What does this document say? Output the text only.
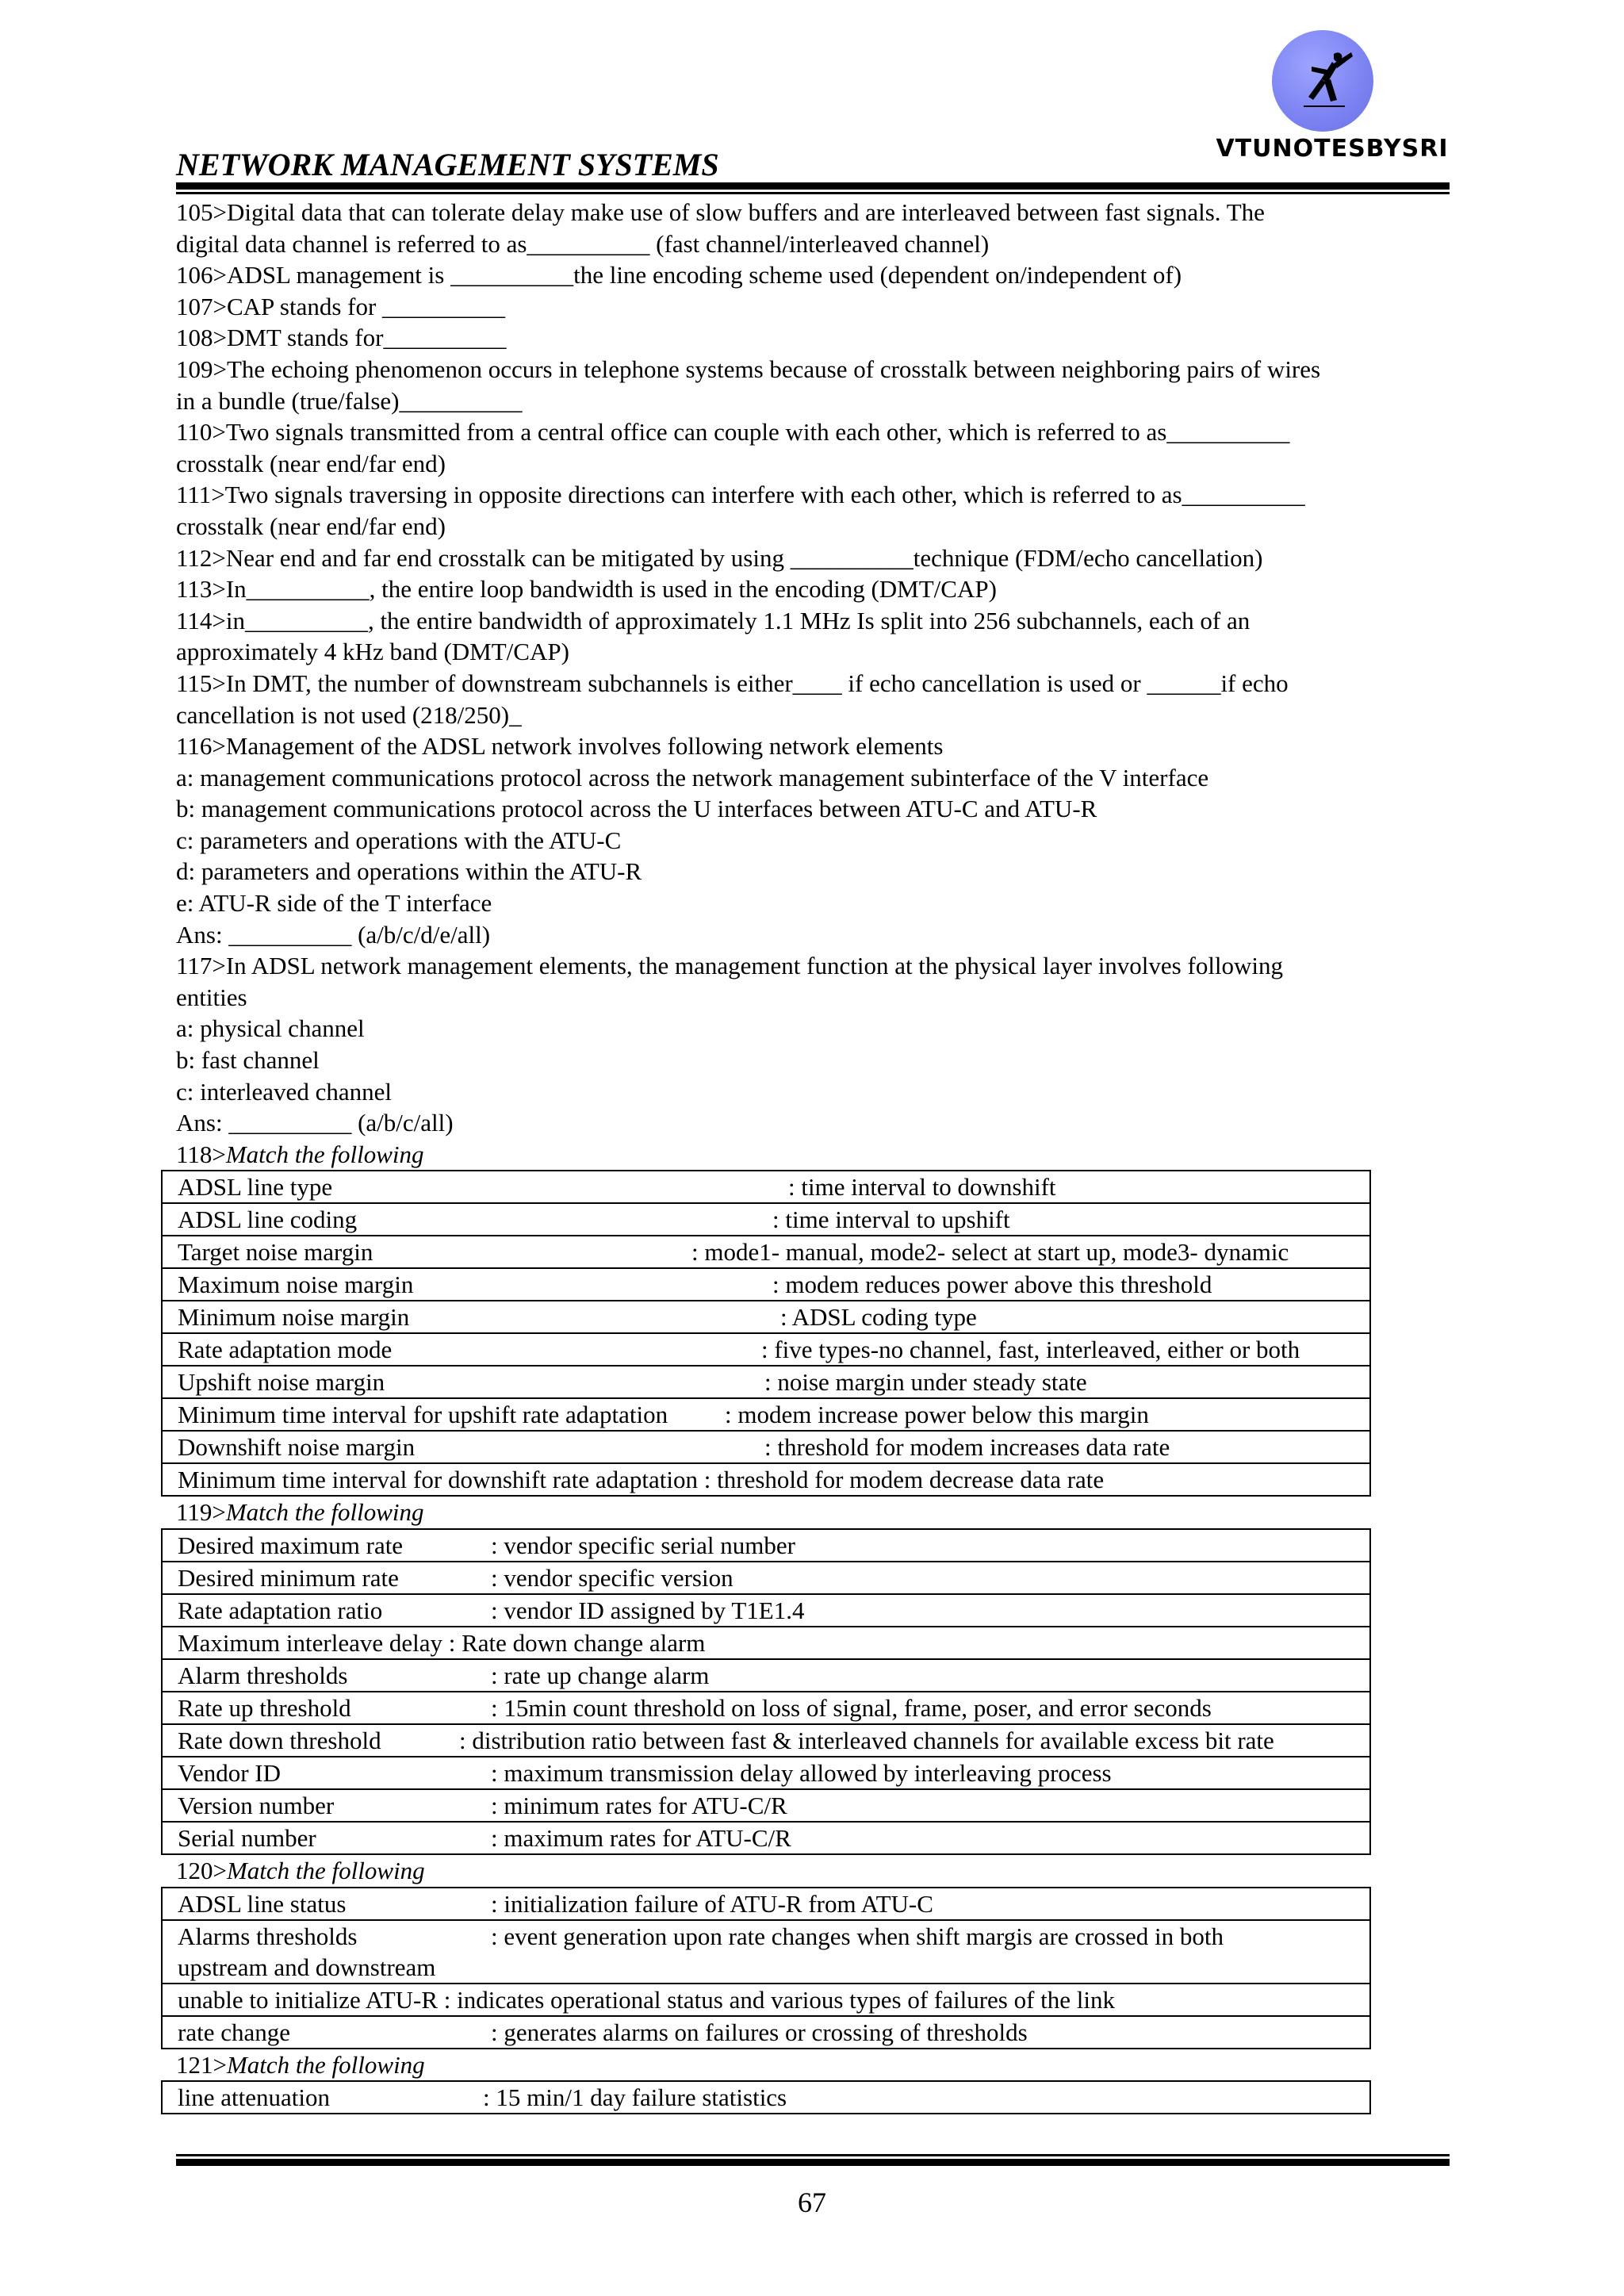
VTUNOTESBYSRI
NETWORK MANAGEMENT SYSTEMS
105>Digital data that can tolerate delay make use of slow buffers and are interleaved between fast signals. The
digital data channel is referred to as__________ (fast channel/interleaved channel)
106>ADSL management is __________the line encoding scheme used (dependent on/independent of)
107>CAP stands for __________
108>DMT stands for__________
109>The echoing phenomenon occurs in telephone systems because of crosstalk between neighboring pairs of wires
in a bundle (true/false)__________
110>Two signals transmitted from a central office can couple with each other, which is referred to as__________
crosstalk (near end/far end)
111>Two signals traversing in opposite directions can interfere with each other, which is referred to as__________
crosstalk (near end/far end)
112>Near end and far end crosstalk can be mitigated by using __________technique (FDM/echo cancellation)
113>In__________, the entire loop bandwidth is used in the encoding (DMT/CAP)
114>in__________, the entire bandwidth of approximately 1.1 MHz Is split into 256 subchannels, each of an
approximately 4 kHz band (DMT/CAP)
115>In DMT, the number of downstream subchannels is either____ if echo cancellation is used or ______if echo
cancellation is not used (218/250)_
116>Management of the ADSL network involves following network elements
a: management communications protocol across the network management subinterface of the V interface
b: management communications protocol across the U interfaces between ATU-C and ATU-R
c: parameters and operations with the ATU-C
d: parameters and operations within the ATU-R
e: ATU-R side of the T interface
Ans: __________ (a/b/c/d/e/all)
117>In ADSL network management elements, the management function at the physical layer involves following
entities
a: physical channel
b: fast channel
c: interleaved channel
Ans: __________ (a/b/c/all)
118>Match the following
ADSL line type	: time interval to downshift
ADSL line coding	: time interval to upshift
Target noise margin	: mode1- manual, mode2- select at start up, mode3- dynamic
Maximum noise margin	: modem reduces power above this threshold
Minimum noise margin	: ADSL coding type
Rate adaptation mode	: five types-no channel, fast, interleaved, either or both
Upshift noise margin	: noise margin under steady state
Minimum time interval for upshift rate adaptation : modem increase power below this margin
Downshift noise margin	: threshold for modem increases data rate
Minimum time interval for downshift rate adaptation : threshold for modem decrease data rate
119>Match the following
Desired maximum rate	: vendor specific serial number
Desired minimum rate	: vendor specific version
Rate adaptation ratio	: vendor ID assigned by T1E1.4
Maximum interleave delay : Rate down change alarm
Alarm thresholds	: rate up change alarm
Rate up threshold	: 15min count threshold on loss of signal, frame, poser, and error seconds
Rate down threshold	: distribution ratio between fast & interleaved channels for available excess bit rate
Vendor ID	: maximum transmission delay allowed by interleaving process
Version number	: minimum rates for ATU-C/R
Serial number	: maximum rates for ATU-C/R
120>Match the following
ADSL line status	: initialization failure of ATU-R from ATU-C
Alarms thresholds	: event generation upon rate changes when shift margis are crossed in both
upstream and downstream

unable to initialize ATU-R : indicates operational status and various types of failures of the link
rate change	: generates alarms on failures or crossing of thresholds
121>Match the following
line attenuation	: 15 min/1 day failure statistics
67
